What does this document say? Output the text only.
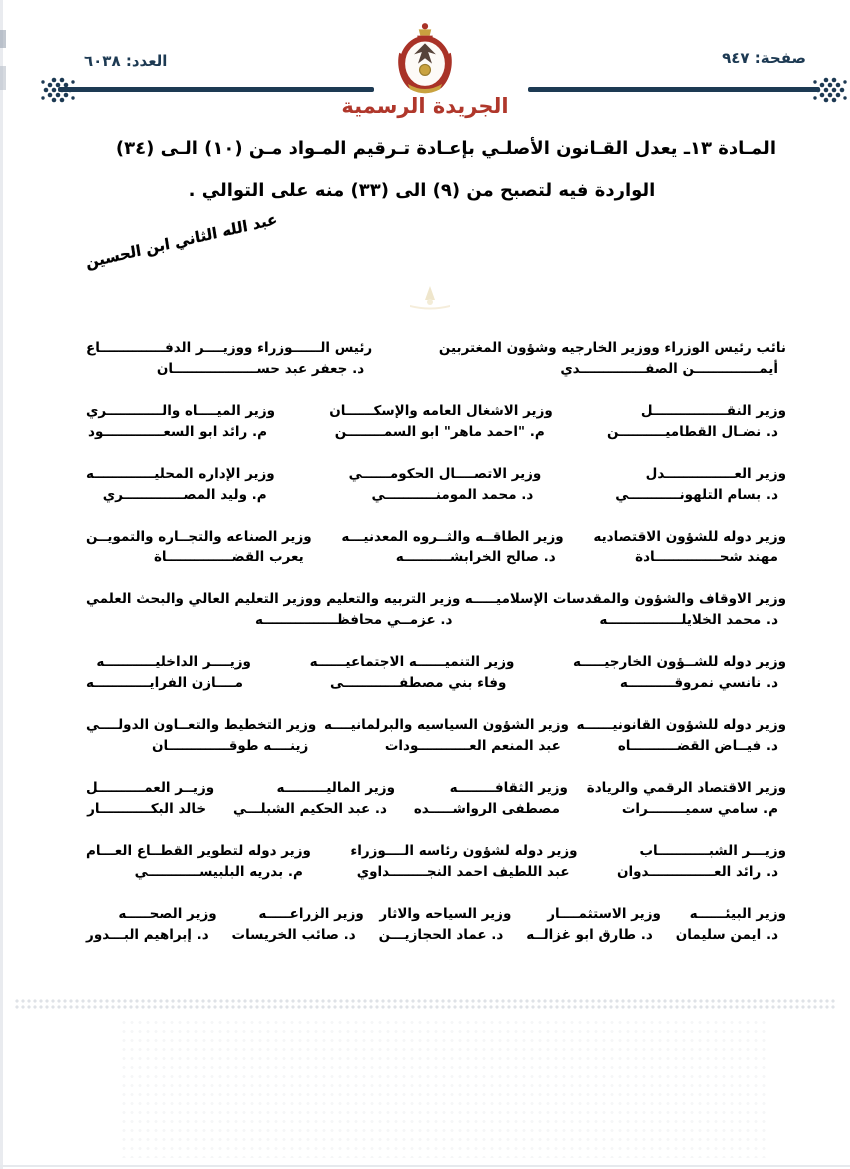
صفحة: ٩٤٧
العدد: ٦٠٣٨
الجريدة الرسمية
المـادة ١٣ـ يعدل القـانون الأصلـي بإعـادة تـرقيم المـواد مـن (١٠) الـى (٣٤)
الواردة فيه لتصبح من (٩) الى (٣٣) منه على التوالي .
عبد الله الثاني ابن الحسين
نائب رئيس الوزراء ووزير الخارجيه وشؤون المغتربين
أيمــــــــــــــن الصفــــــــــــــدي
رئيس الــــــوزراء ووزيــــر الدفــــــــــــــاع
د. جعفر عبد حســــــــــــــــــان
وزير النقــــــــــــــــل
د. نضـال القطاميــــــــــن
وزير الاشغال العامه والإسكــــــان
م. "احمد ماهر" ابو السمــــــــن
وزير الميــــاه والــــــــــــري
م. رائد ابو السعـــــــــــــود
وزير العـــــــــــــــدل
د. بسام التلهونـــــــــــي
وزير الاتصــــال الحكومــــــي
د. محمد المومنـــــــــــي
وزير الإداره المحليـــــــــــــه
م. وليد المصـــــــــــــري
وزير دوله للشؤون الاقتصاديه
مهند شحــــــــــــــادة
وزير الطاقــه والثــروه المعدنيـــه
د. صالح الخرابشــــــــــه
وزير الصناعه والتجــاره والتمويــن
يعرب القضــــــــــــــاة
وزير الاوقاف والشؤون والمقدسات الإسلاميـــــه
د. محمد الخلايلــــــــــــــــه
وزير التربيه والتعليم ووزير التعليم العالي والبحث العلمي
د. عزمــي محافظــــــــــــــــه
وزير دوله للشــؤون الخارجيـــــه
د. نانسي نمروقــــــــــه
وزير التنميــــــه الاجتماعيــــــه
وفاء بني مصطفــــــــــــى
وزيــــر الداخليـــــــــــه
مــــازن الفرايــــــــــــه
وزير دوله للشؤون القانونيــــــه
د. فيــاض القضــــــــــاه
وزير الشؤون السياسيه والبرلمانيــــه
عبد المنعم العـــــــــــودات
وزير التخطيط والتعــاون الدولــــي
زينــــه طوقـــــــــــــان
وزير الاقتصاد الرقمي والريادة
م. سامي سميــــــــرات
وزير الثقافــــــــه
مصطفى الرواشـــــده
وزير الماليـــــــــه
د. عبد الحكيم الشبلـــي
وزيــر العمــــــــــل
خالد البكـــــــــــار
وزيـــر الشبـــــــــــاب
د. رائد العــــــــــــــدوان
وزير دوله لشؤون رئاسه الــــوزراء
عبد اللطيف احمد النجــــــــداوي
وزير دوله لتطوير القطــاع العـــام
م. بدريه البلبيســـــــــــي
وزير البيئــــــه
د. ايمن سليمان
وزير الاستثمــــار
د. طارق ابو غزالــه
وزير السياحه والاثار
د. عماد الحجازيـــن
وزير الزراعـــــه
د. صائب الخريسات
وزير الصحـــــه
د. إبراهيم البـــدور
